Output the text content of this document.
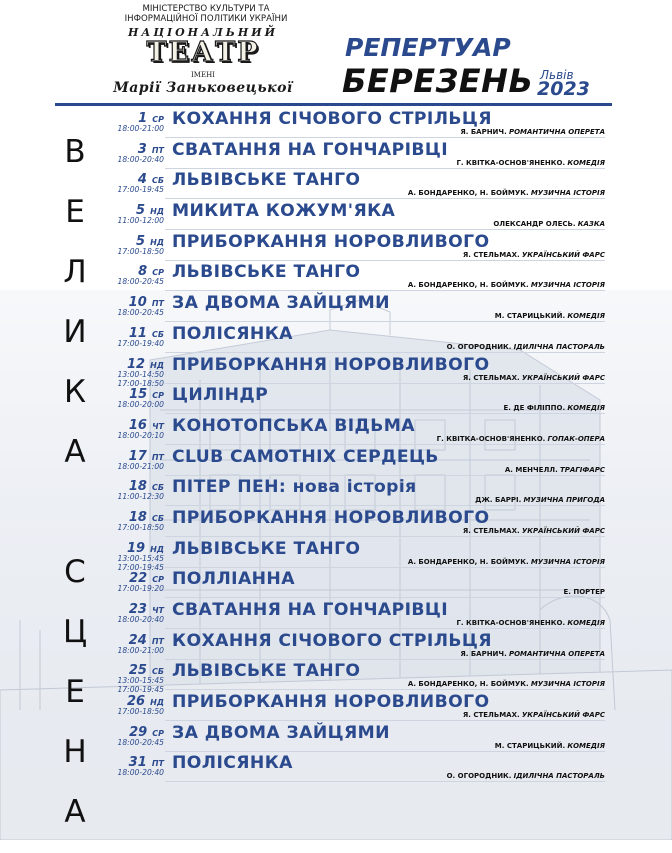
МІНІСТЕРСТВО КУЛЬТУРИ ТА ІНФОРМАЦІЙНОЇ ПОЛІТИКИ УКРАЇНИ
НАЦІОНАЛЬНИЙ
ТЕАТР
ІМЕНІ
Марії Заньковецької
РЕПЕРТУАР
БЕРЕЗЕНЬ Львів
2023
В
Е
Л
И
К
А
С
Ц
Е
Н
А
1 СР
18:00-21:00 КОХАННЯ СІЧОВОГО СТРІЛЬЦЯ
Я. БАРНИЧ. РОМАНТИЧНА ОПЕРЕТА
3 ПТ
18:00-20:40 СВАТАННЯ НА ГОНЧАРІВЦІ
Г. КВІТКА-ОСНОВ'ЯНЕНКО. КОМЕДІЯ
4 СБ
17:00-19:45 ЛЬВІВСЬКЕ ТАНГО
А. БОНДАРЕНКО, Н. БОЙМУК. МУЗИЧНА ІСТОРІЯ
5 НД
11:00-12:00 МИКИТА КОЖУМ'ЯКА
ОЛЕКСАНДР ОЛЕСЬ. КАЗКА
5 НД
17:00-18:50 ПРИБОРКАННЯ НОРОВЛИВОГО
Я. СТЕЛЬМАХ. УКРАЇНСЬКИЙ ФАРС
8 СР
18:00-20:45 ЛЬВІВСЬКЕ ТАНГО
А. БОНДАРЕНКО, Н. БОЙМУК. МУЗИЧНА ІСТОРІЯ
10 ПТ
18:00-20:45 ЗА ДВОМА ЗАЙЦЯМИ
М. СТАРИЦЬКИЙ. КОМЕДІЯ
11 СБ
17:00-19:40 ПОЛІСЯНКА
О. ОГОРОДНИК. ІДИЛІЧНА ПАСТОРАЛЬ
12 НД
13:00-14:50
17:00-18:50
ПРИБОРКАННЯ НОРОВЛИВОГО
Я. СТЕЛЬМАХ. УКРАЇНСЬКИЙ ФАРС
15 СР
18:00-20:00 ЦИЛІНДР
Е. ДЕ ФІЛІППО. КОМЕДІЯ
16 ЧТ
18:00-20:10 КОНОТОПСЬКА ВІДЬМА
Г. КВІТКА-ОСНОВ'ЯНЕНКО. ГОПАК-ОПЕРА
17 ПТ
18:00-21:00 CLUB САМОТНІХ СЕРДЕЦЬ
А. МЕНЧЕЛЛ. ТРАГІФАРС
18 СБ
11:00-12:30 ПІТЕР ПЕН: нова історія
ДЖ. БАРРІ. МУЗИЧНА ПРИГОДА
18 СБ
17:00-18:50 ПРИБОРКАННЯ НОРОВЛИВОГО
Я. СТЕЛЬМАХ. УКРАЇНСЬКИЙ ФАРС
19 НД
13:00-15:45
17:00-19:45
ЛЬВІВСЬКЕ ТАНГО
А. БОНДАРЕНКО, Н. БОЙМУК. МУЗИЧНА ІСТОРІЯ
22 СР
17:00-19:20 ПОЛЛІАННА
Е. ПОРТЕР
23 ЧТ
18:00-20:40 СВАТАННЯ НА ГОНЧАРІВЦІ
Г. КВІТКА-ОСНОВ'ЯНЕНКО. КОМЕДІЯ
24 ПТ
18:00-21:00 КОХАННЯ СІЧОВОГО СТРІЛЬЦЯ
Я. БАРНИЧ. РОМАНТИЧНА ОПЕРЕТА
25 СБ
13:00-15:45
17:00-19:45
ЛЬВІВСЬКЕ ТАНГО
А. БОНДАРЕНКО, Н. БОЙМУК. МУЗИЧНА ІСТОРІЯ
26 НД
17:00-18:50 ПРИБОРКАННЯ НОРОВЛИВОГО
Я. СТЕЛЬМАХ. УКРАЇНСЬКИЙ ФАРС
29 СР
18:00-20:45 ЗА ДВОМА ЗАЙЦЯМИ
М. СТАРИЦЬКИЙ. КОМЕДІЯ
31 ПТ
18:00-20:40 ПОЛІСЯНКА
О. ОГОРОДНИК. ІДИЛІЧНА ПАСТОРАЛЬ
